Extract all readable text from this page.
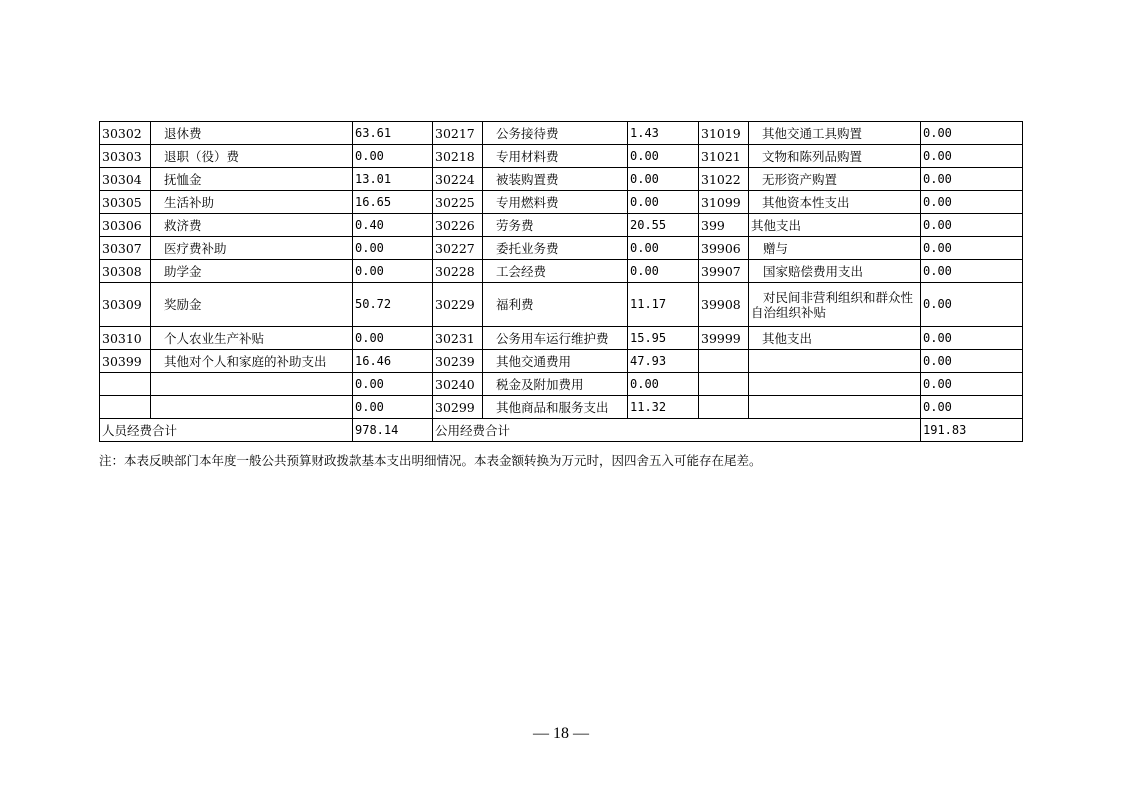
30302	退休费	63.61	30217	公务接待费	1.43	31019	其他交通工具购置	0.00
30303	退职（役）费	0.00	30218	专用材料费	0.00	31021	文物和陈列品购置	0.00
30304	抚恤金	13.01	30224	被装购置费	0.00	31022	无形资产购置	0.00
30305	生活补助	16.65	30225	专用燃料费	0.00	31099	其他资本性支出	0.00
30306	救济费	0.40	30226	劳务费	20.55	399	其他支出	0.00
30307	医疗费补助	0.00	30227	委托业务费	0.00	39906	赠与	0.00
30308	助学金	0.00	30228	工会经费	0.00	39907	国家赔偿费用支出	0.00
30309	奖励金	50.72	30229	福利费	11.17	39908	对民间非营利组织和群众性自治组织补贴	0.00
30310	个人农业生产补贴	0.00	30231	公务用车运行维护费	15.95	39999	其他支出	0.00
30399	其他对个人和家庭的补助支出	16.46	30239	其他交通费用	47.93			0.00
		0.00	30240	税金及附加费用	0.00			0.00
		0.00	30299	其他商品和服务支出	11.32			0.00
人员经费合计		978.14	公用经费合计					191.83
注：本表反映部门本年度一般公共预算财政拨款基本支出明细情况。本表金额转换为万元时，因四舍五入可能存在尾差。
— 18 —
